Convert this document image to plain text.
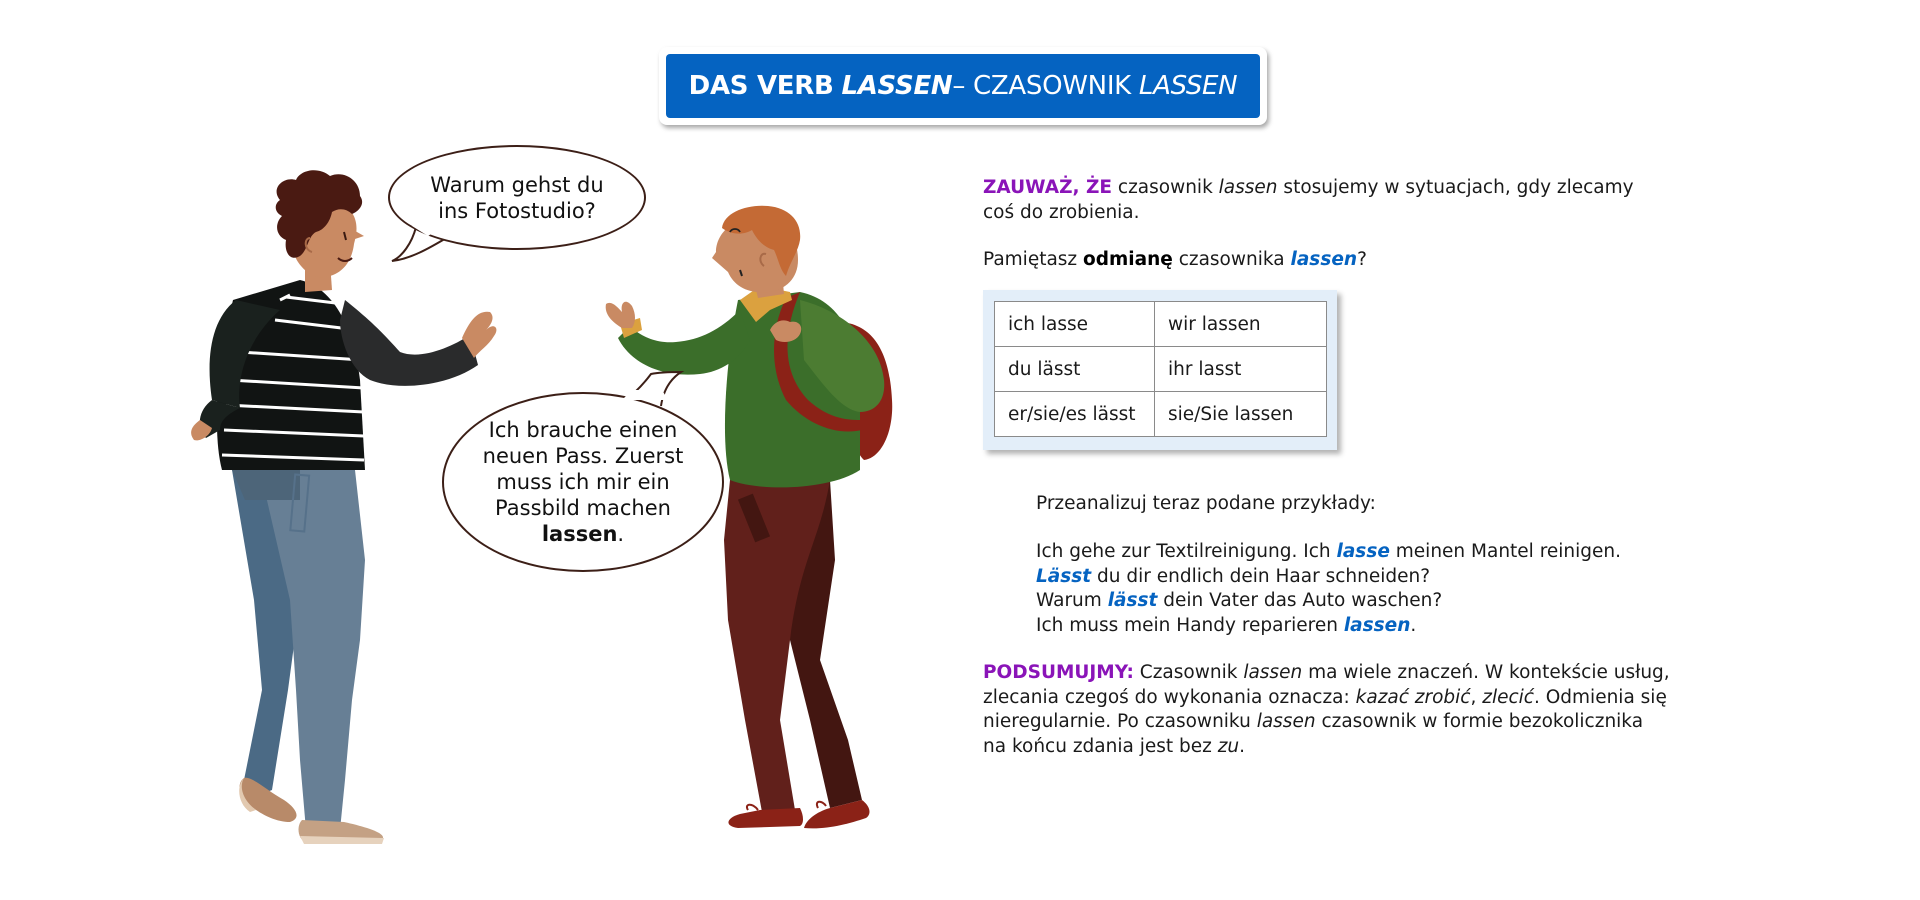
DAS VERB
LASSEN – CZASOWNIK
LASSEN
Warum gehst du
ins Fotostudio?
Ich brauche einen
neuen Pass. Zuerst
muss ich mir ein
Passbild machen
lassen.
ZAUWAŻ, ŻE czasownik lassen stosujemy w sytuacjach, gdy zlecamy
coś do zrobienia.
Pamiętasz odmianę czasownika lassen?
ich lasse	wir lassen
du lässt	ihr lasst
er/sie/es lässt	sie/Sie lassen
Przeanalizuj teraz podane przykłady:
Ich gehe zur Textilreinigung. Ich lasse meinen Mantel reinigen.
Lässt du dir endlich dein Haar schneiden?
Warum lässt dein Vater das Auto waschen?
Ich muss mein Handy reparieren lassen.
PODSUMUJMY: Czasownik lassen ma wiele znaczeń. W kontekście usług,
zlecania czegoś do wykonania oznacza: kazać zrobić, zlecić. Odmienia się
nieregularnie. Po czasowniku lassen czasownik w formie bezokolicznika
na końcu zdania jest bez zu.
